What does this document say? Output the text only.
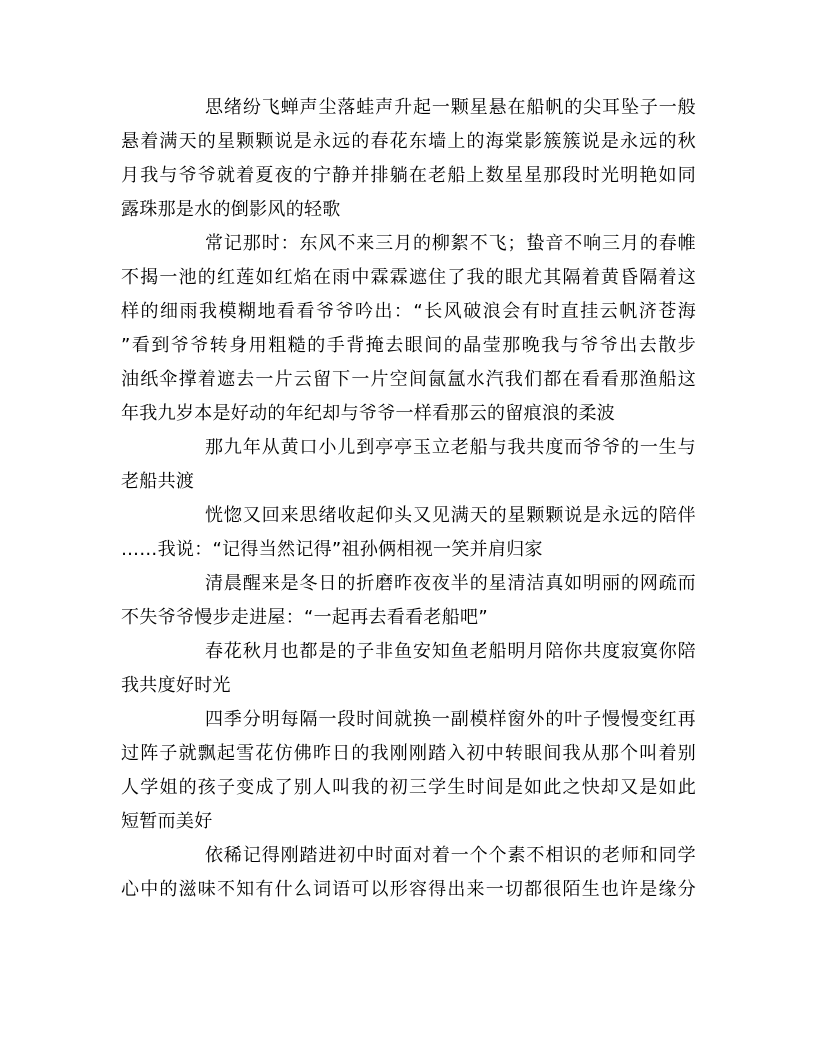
思绪纷飞蝉声尘落蛙声升起一颗星悬在船帆的尖耳坠子一般
悬着满天的星颗颗说是永远的春花东墙上的海棠影簇簇说是永远的秋
月我与爷爷就着夏夜的宁静并排躺在老船上数星星那段时光明艳如同
露珠那是水的倒影风的轻歌
常记那时：东风不来三月的柳絮不飞；蛰音不响三月的春帷
不揭一池的红莲如红焰在雨中霖霖遮住了我的眼尤其隔着黄昏隔着这
样的细雨我模糊地看看爷爷吟出：“长风破浪会有时直挂云帆济苍海
”看到爷爷转身用粗糙的手背掩去眼间的晶莹那晚我与爷爷出去散步
油纸伞撑着遮去一片云留下一片空间氤氲水汽我们都在看看那渔船这
年我九岁本是好动的年纪却与爷爷一样看那云的留痕浪的柔波
那九年从黄口小儿到亭亭玉立老船与我共度而爷爷的一生与
老船共渡
恍惚又回来思绪收起仰头又见满天的星颗颗说是永远的陪伴
……我说：“记得当然记得”祖孙俩相视一笑并肩归家
清晨醒来是冬日的折磨昨夜夜半的星清洁真如明丽的网疏而
不失爷爷慢步走进屋：“一起再去看看老船吧”
春花秋月也都是的子非鱼安知鱼老船明月陪你共度寂寞你陪
我共度好时光
四季分明每隔一段时间就换一副模样窗外的叶子慢慢变红再
过阵子就飘起雪花仿佛昨日的我刚刚踏入初中转眼间我从那个叫着别
人学姐的孩子变成了别人叫我的初三学生时间是如此之快却又是如此
短暂而美好
依稀记得刚踏进初中时面对着一个个素不相识的老师和同学
心中的滋味不知有什么词语可以形容得出来一切都很陌生也许是缘分
